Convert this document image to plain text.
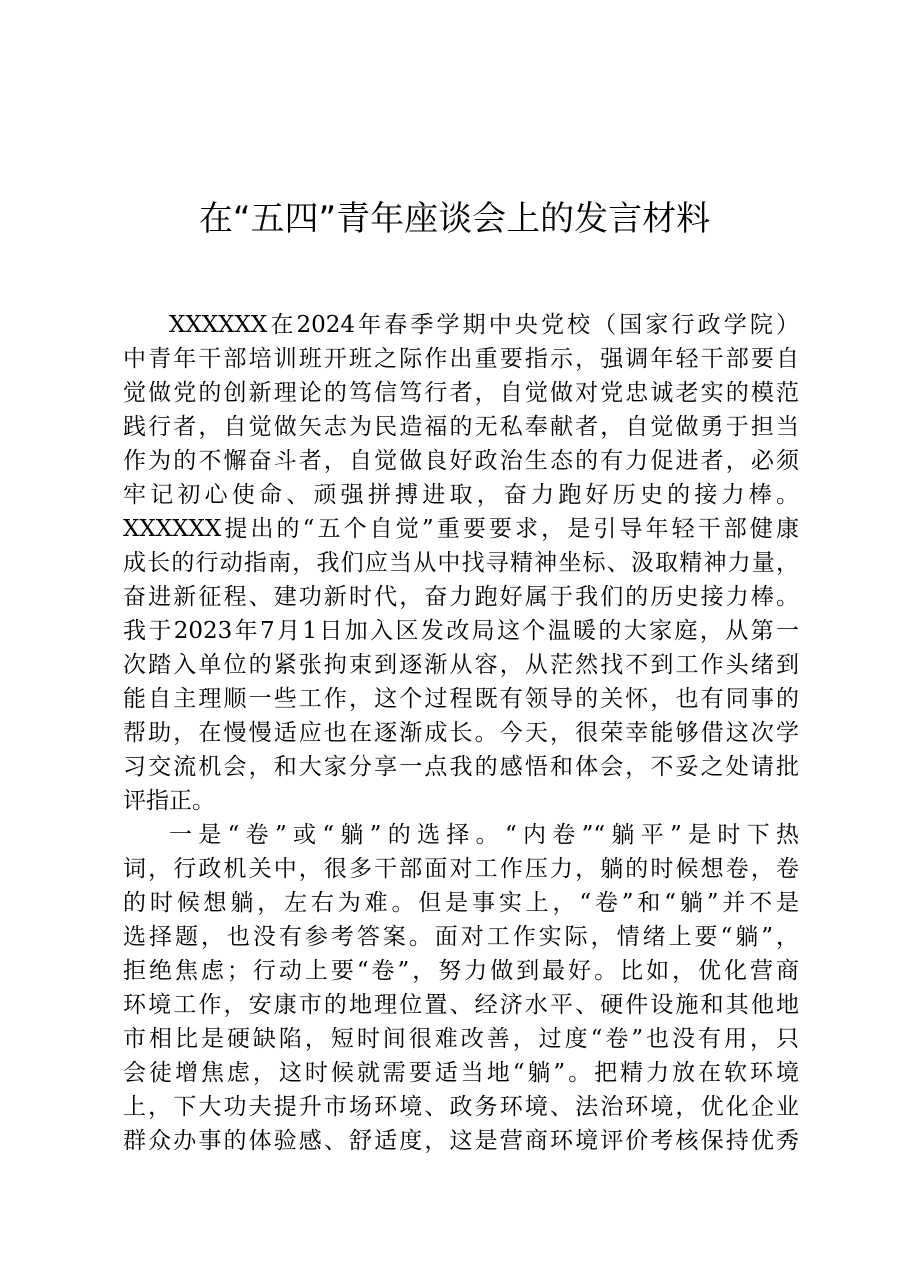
在“五四”青年座谈会上的发言材料
XXXXXX在2024年春季学期中央党校（国家行政学院）
中青年干部培训班开班之际作出重要指示，强调年轻干部要自
觉做党的创新理论的笃信笃行者，自觉做对党忠诚老实的模范
践行者，自觉做矢志为民造福的无私奉献者，自觉做勇于担当
作为的不懈奋斗者，自觉做良好政治生态的有力促进者，必须
牢记初心使命、顽强拼搏进取，奋力跑好历史的接力棒。
XXXXXX提出的“五个自觉”重要要求，是引导年轻干部健康
成长的行动指南，我们应当从中找寻精神坐标、汲取精神力量，
奋进新征程、建功新时代，奋力跑好属于我们的历史接力棒。
我于2023年7月1日加入区发改局这个温暖的大家庭，从第一
次踏入单位的紧张拘束到逐渐从容，从茫然找不到工作头绪到
能自主理顺一些工作，这个过程既有领导的关怀，也有同事的
帮助，在慢慢适应也在逐渐成长。今天，很荣幸能够借这次学
习交流机会，和大家分享一点我的感悟和体会，不妥之处请批
评指正。
一是“卷”或“躺”的选择。“内卷”“躺平”是时下热
词，行政机关中，很多干部面对工作压力，躺的时候想卷，卷
的时候想躺，左右为难。但是事实上，“卷”和“躺”并不是
选择题，也没有参考答案。面对工作实际，情绪上要“躺”，
拒绝焦虑；行动上要“卷”，努力做到最好。比如，优化营商
环境工作，安康市的地理位置、经济水平、硬件设施和其他地
市相比是硬缺陷，短时间很难改善，过度“卷”也没有用，只
会徒增焦虑，这时候就需要适当地“躺”。把精力放在软环境
上，下大功夫提升市场环境、政务环境、法治环境，优化企业
群众办事的体验感、舒适度，这是营商环境评价考核保持优秀
